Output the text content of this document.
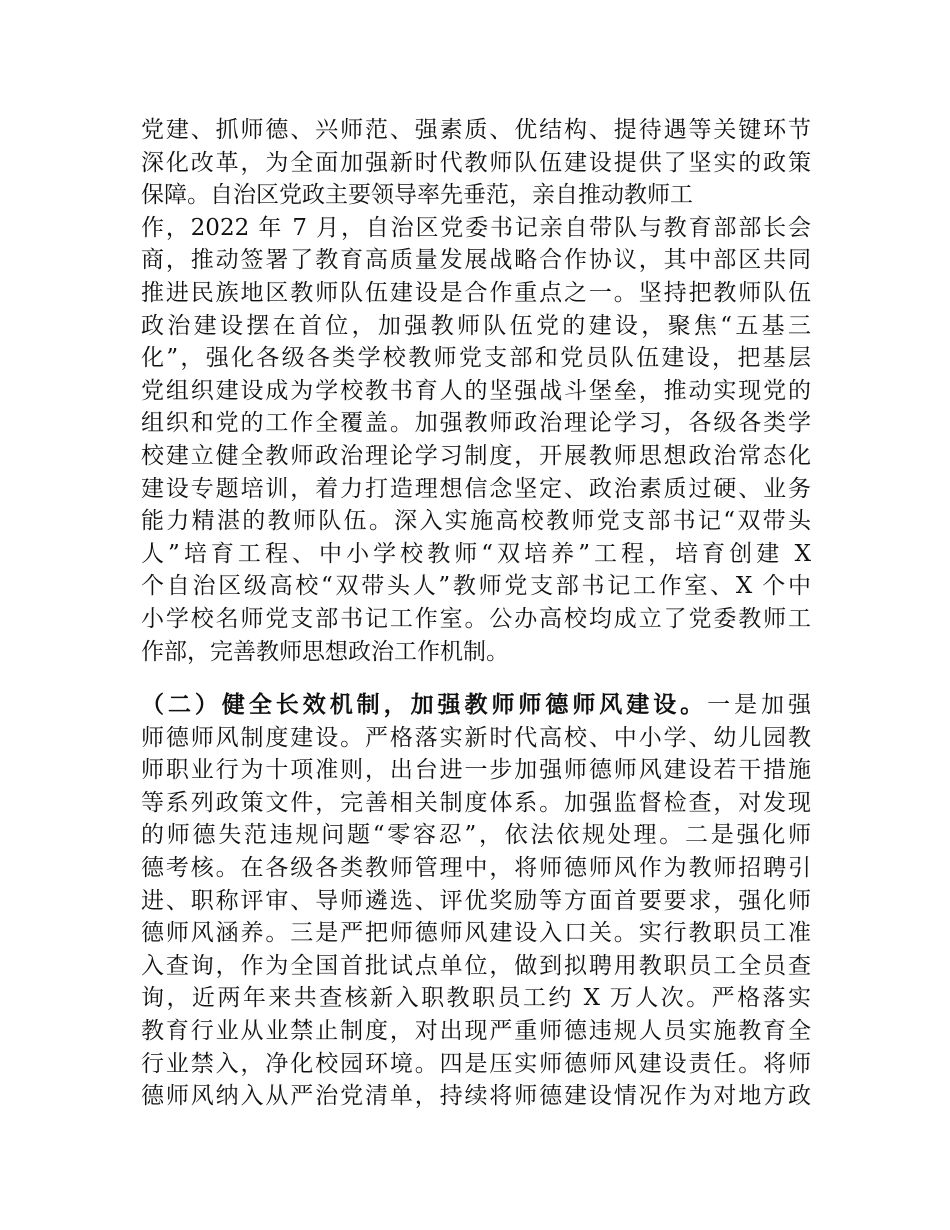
党建、抓师德、兴师范、强素质、优结构、提待遇等关键环节
深化改革，为全面加强新时代教师队伍建设提供了坚实的政策
保障。自治区党政主要领导率先垂范，亲自推动教师工
作，2022 年 7 月，自治区党委书记亲自带队与教育部部长会
商，推动签署了教育高质量发展战略合作协议，其中部区共同
推进民族地区教师队伍建设是合作重点之一。坚持把教师队伍
政治建设摆在首位，加强教师队伍党的建设，聚焦“五基三
化”，强化各级各类学校教师党支部和党员队伍建设，把基层
党组织建设成为学校教书育人的坚强战斗堡垒，推动实现党的
组织和党的工作全覆盖。加强教师政治理论学习，各级各类学
校建立健全教师政治理论学习制度，开展教师思想政治常态化
建设专题培训，着力打造理想信念坚定、政治素质过硬、业务
能力精湛的教师队伍。深入实施高校教师党支部书记“双带头
人”培育工程、中小学校教师“双培养”工程，培育创建 X
个自治区级高校“双带头人”教师党支部书记工作室、X 个中
小学校名师党支部书记工作室。公办高校均成立了党委教师工
作部，完善教师思想政治工作机制。
（二）健全长效机制，加强教师师德师风建设。一是加强
师德师风制度建设。严格落实新时代高校、中小学、幼儿园教
师职业行为十项准则，出台进一步加强师德师风建设若干措施
等系列政策文件，完善相关制度体系。加强监督检查，对发现
的师德失范违规问题“零容忍”，依法依规处理。二是强化师
德考核。在各级各类教师管理中，将师德师风作为教师招聘引
进、职称评审、导师遴选、评优奖励等方面首要要求，强化师
德师风涵养。三是严把师德师风建设入口关。实行教职员工准
入查询，作为全国首批试点单位，做到拟聘用教职员工全员查
询，近两年来共查核新入职教职员工约 X 万人次。严格落实
教育行业从业禁止制度，对出现严重师德违规人员实施教育全
行业禁入，净化校园环境。四是压实师德师风建设责任。将师
德师风纳入从严治党清单，持续将师德建设情况作为对地方政
